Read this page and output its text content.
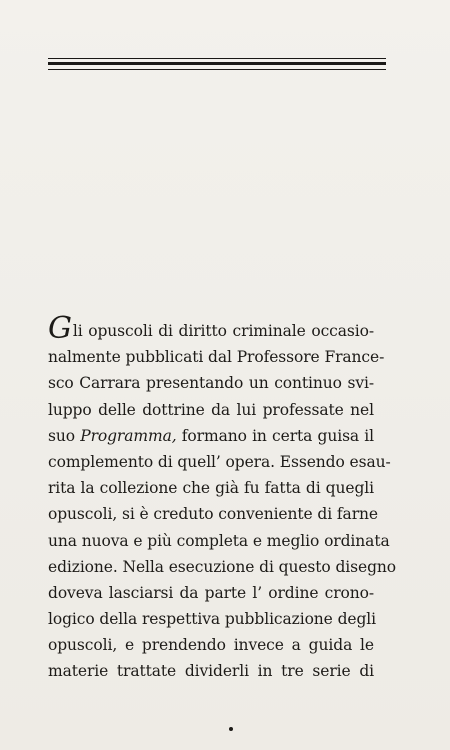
Gli opuscoli di diritto criminale occasio-
nalmente pubblicati dal Professore France-
sco Carrara presentando un continuo svi-
luppo delle dottrine da lui professate nel
suo Programma, formano in certa guisa il
complemento di quell’ opera. Essendo esau-
rita la collezione che già fu fatta di quegli
opuscoli, si è creduto conveniente di farne
una nuova e più completa e meglio ordinata
edizione. Nella esecuzione di questo disegno
doveva lasciarsi da parte l’ ordine crono-
logico della respettiva pubblicazione degli
opuscoli, e prendendo invece a guida le
materie trattate dividerli in tre serie di
